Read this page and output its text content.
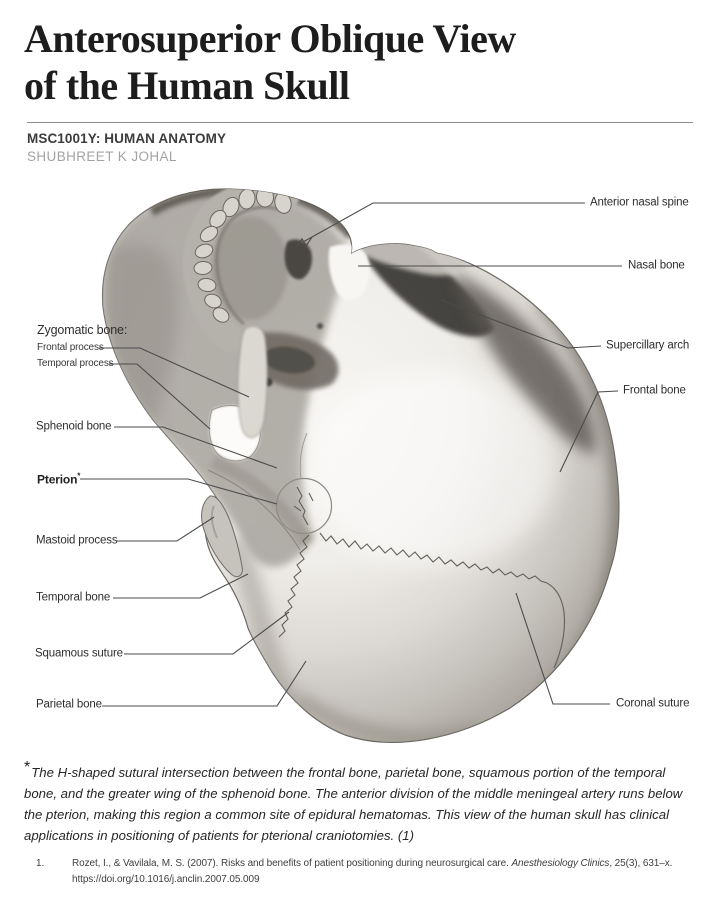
Anterosuperior Oblique View
of the Human Skull
MSC1001Y: HUMAN ANATOMY
SHUBHREET K JOHAL
Anterior nasal spine
Nasal bone
Supercillary arch
Frontal bone
Coronal suture
Zygomatic bone:
Frontal process
Temporal process
Sphenoid bone
Pterion*
Mastoid process
Temporal bone
Squamous suture
Parietal bone
*The H-shaped sutural intersection between the frontal bone, parietal bone, squamous portion of the temporal bone, and the greater wing of the sphenoid bone. The anterior division of the middle meningeal artery runs below the pterion, making this region a common site of epidural hematomas. This view of the human skull has clinical applications in positioning of patients for pterional craniotomies. (1)
1.	Rozet, I., & Vavilala, M. S. (2007). Risks and benefits of patient positioning during neurosurgical care. Anesthesiology Clinics, 25(3), 631–x.
https://doi.org/10.1016/j.anclin.2007.05.009
